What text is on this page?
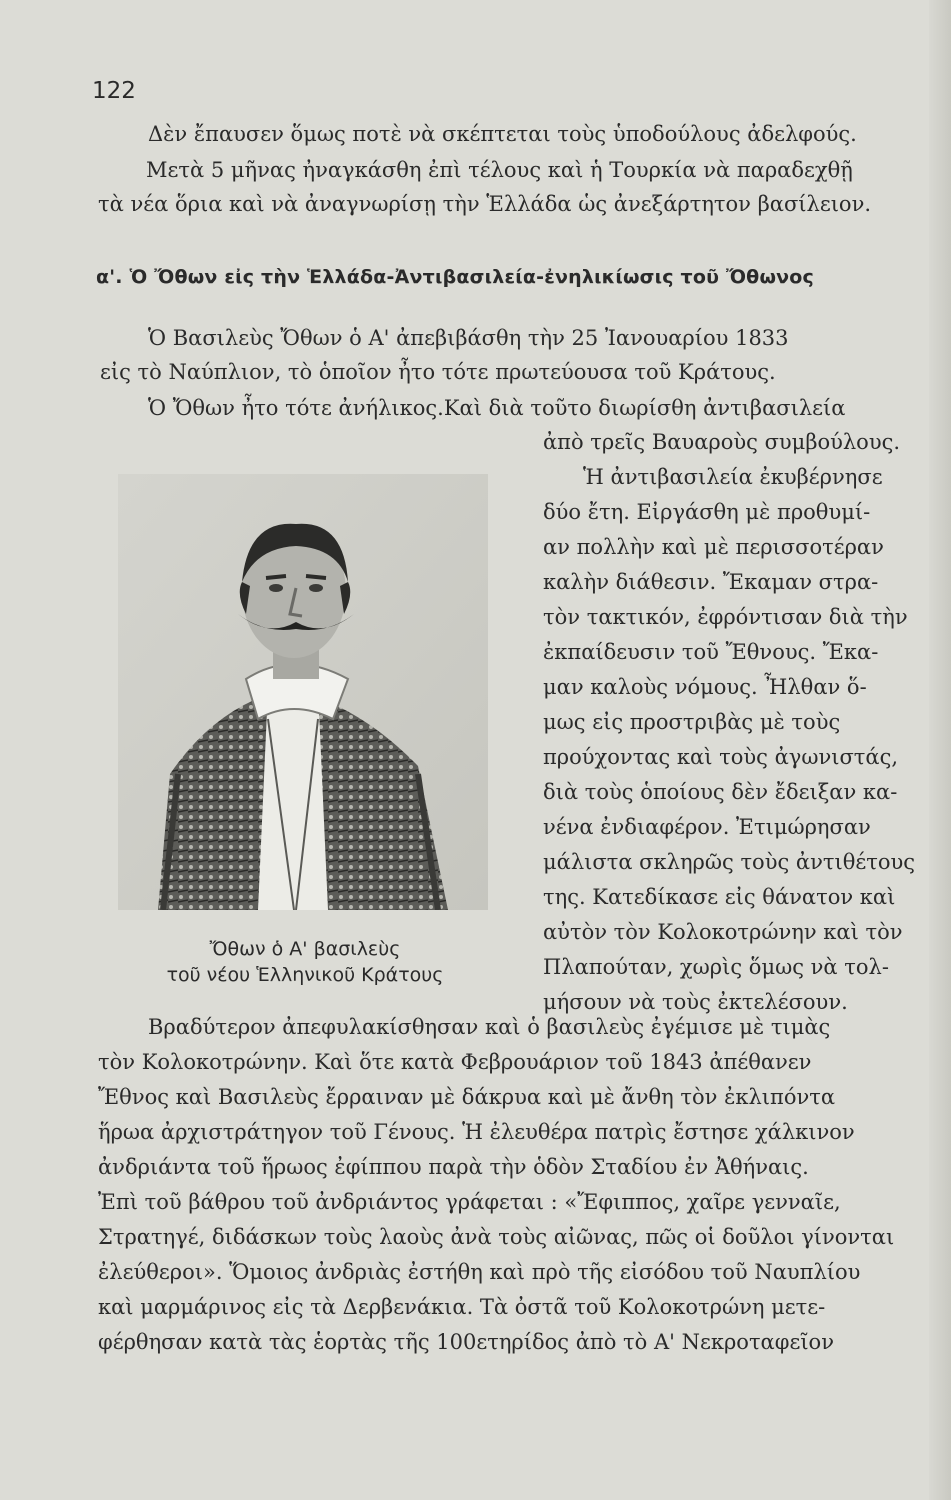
122
Δὲν ἔπαυσεν ὅμως ποτὲ νὰ σκέπτεται τοὺς ὑποδούλους ἀδελφούς.
Μετὰ 5 μῆνας ἠναγκάσθη ἐπὶ τέλους καὶ ἡ Τουρκία νὰ παραδεχθῇ
τὰ νέα ὅρια καὶ νὰ ἀναγνωρίσῃ τὴν Ἑλλάδα ὡς ἀνεξάρτητον βασίλειον.
α'. Ὁ Ὄθων εἰς τὴν Ἑλλάδα-Ἀντιβασιλεία-ἐνηλικίωσις τοῦ Ὄθωνος
Ὁ Βασιλεὺς Ὄθων ὁ Α' ἀπεβιβάσθη τὴν 25 Ἰανουαρίου 1833
εἰς τὸ Ναύπλιον, τὸ ὁποῖον ἦτο τότε πρωτεύουσα τοῦ Κράτους.
Ὁ Ὄθων ἦτο τότε ἀνήλικος.Καὶ διὰ τοῦτο διωρίσθη ἀντιβασιλεία
ἀπὸ τρεῖς Βαυαροὺς συμβούλους.
Ἡ ἀντιβασιλεία ἐκυβέρνησε
δύο ἔτη. Εἰργάσθη μὲ προθυμί-
αν πολλὴν καὶ μὲ περισσοτέραν
καλὴν διάθεσιν. Ἔκαμαν στρα-
τὸν τακτικόν, ἐφρόντισαν διὰ τὴν
ἐκπαίδευσιν τοῦ Ἔθνους. Ἔκα-
μαν καλοὺς νόμους. Ἦλθαν ὅ-
μως εἰς προστριβὰς μὲ τοὺς
προύχοντας καὶ τοὺς ἀγωνιστάς,
διὰ τοὺς ὁποίους δὲν ἔδειξαν κα-
νένα ἐνδιαφέρον. Ἐτιμώρησαν
μάλιστα σκληρῶς τοὺς ἀντιθέτους
της. Κατεδίκασε εἰς θάνατον καὶ
αὐτὸν τὸν Κολοκοτρώνην καὶ τὸν
Πλαπούταν, χωρὶς ὅμως νὰ τολ-
μήσουν νὰ τοὺς ἐκτελέσουν.
Ὄθων ὁ Α' βασιλεὺς
τοῦ νέου Ἑλληνικοῦ Κράτους
Βραδύτερον ἀπεφυλακίσθησαν καὶ ὁ βασιλεὺς ἐγέμισε μὲ τιμὰς
τὸν Κολοκοτρώνην. Καὶ ὅτε κατὰ Φεβρουάριον τοῦ 1843 ἀπέθανεν
Ἔθνος καὶ Βασιλεὺς ἔρραιναν μὲ δάκρυα καὶ μὲ ἄνθη τὸν ἐκλιπόντα
ἥρωα ἀρχιστράτηγον τοῦ Γένους. Ἡ ἐλευθέρα πατρὶς ἔστησε χάλκινον
ἀνδριάντα τοῦ ἥρωος ἐφίππου παρὰ τὴν ὁδὸν Σταδίου ἐν Ἀθήναις.
Ἐπὶ τοῦ βάθρου τοῦ ἀνδριάντος γράφεται : «Ἔφιππος, χαῖρε γενναῖε,
Στρατηγέ, διδάσκων τοὺς λαοὺς ἀνὰ τοὺς αἰῶνας, πῶς οἱ δοῦλοι γίνονται
ἐλεύθεροι». Ὅμοιος ἀνδριὰς ἐστήθη καὶ πρὸ τῆς εἰσόδου τοῦ Ναυπλίου
καὶ μαρμάρινος εἰς τὰ Δερβενάκια. Τὰ ὀστᾶ τοῦ Κολοκοτρώνη μετε-
φέρθησαν κατὰ τὰς ἑορτὰς τῆς 100ετηρίδος ἀπὸ τὸ Α' Νεκροταφεῖον
